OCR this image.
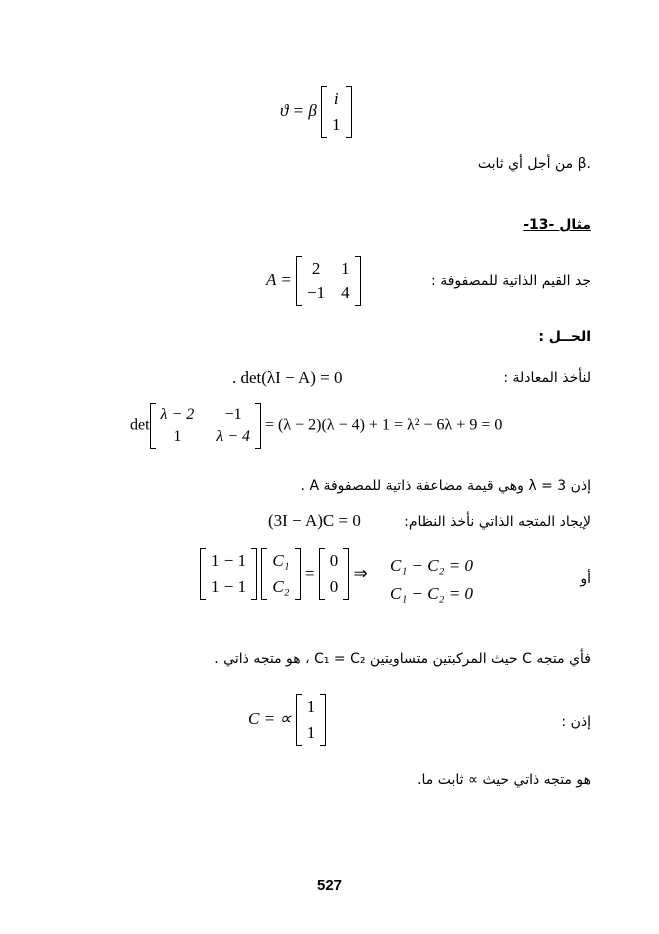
ϑ = β
i
1
.β من أجل أي ثابت
مثال -13-
A =
2 1
−1 4
جد القيم الذاتية للمصفوفة :
الحــل :
لنأخذ المعادلة :
. det(λI − A) = 0
det
λ − 2	−1
1	λ − 4
= (λ − 2)(λ − 4) + 1 = λ² − 6λ + 9 = 0
إذن λ = 3 وهي قيمة مضاعفة ذاتية للمصفوفة A .
لإيجاد المتجه الذاتي نأخذ النظام:
(3I − A)C = 0
1 − 1
1 − 1

C₁
C₂
=
0
0
⇒ C₁ − C₂ = 0
C₁ − C₂ = 0
أو
فأي متجه C حيث المركبتين متساويتين C₁ = C₂ ، هو متجه ذاتي .
C = ∝
1
1
إذن :
هو متجه ذاتي حيث ∝ ثابت ما.
527
